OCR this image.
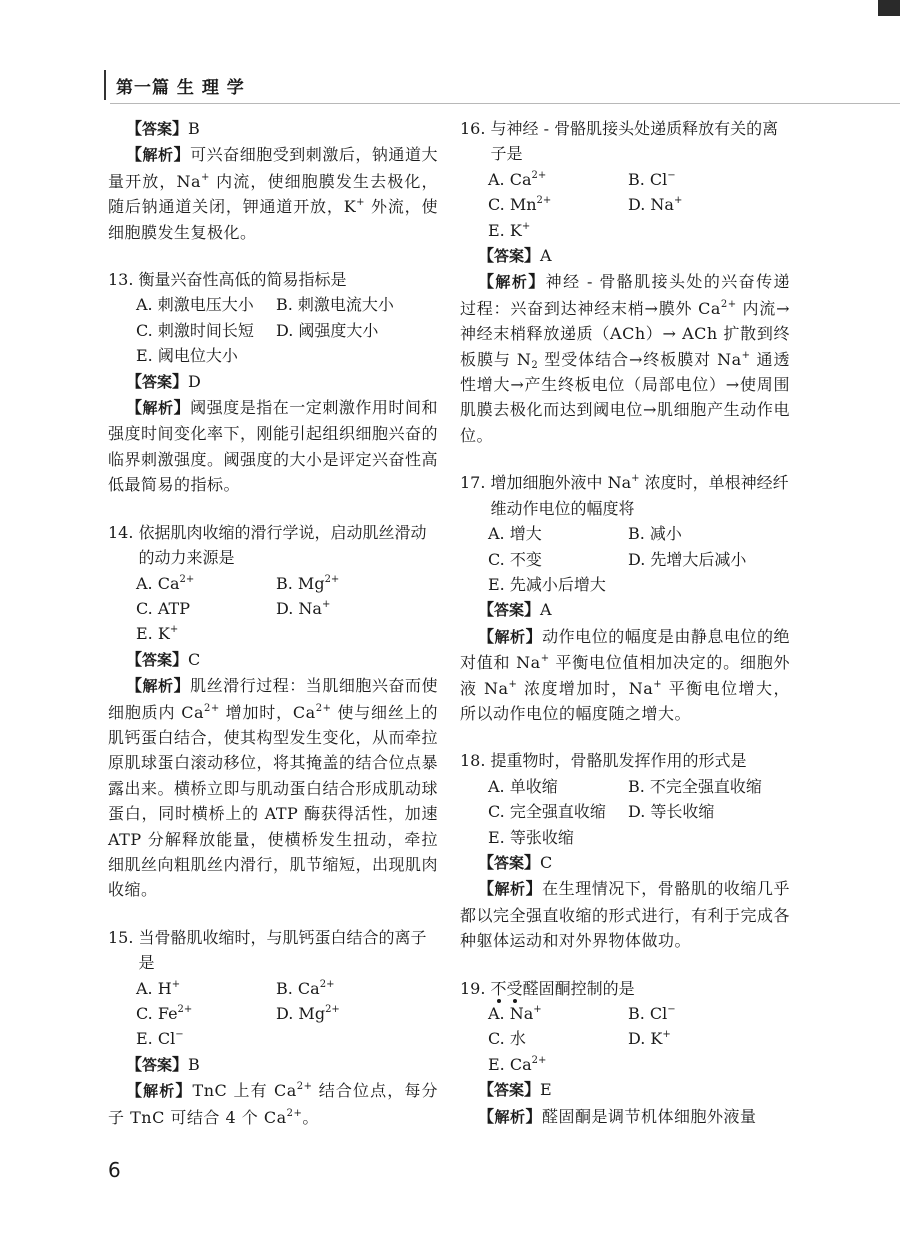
第一篇 生 理 学

【答案】B

【解析】可兴奋细胞受到刺激后，钠通道大量开放，Na+ 内流，使细胞膜发生去极化，随后钠通道关闭，钾通道开放，K+ 外流，使细胞膜发生复极化。

13. 衡量兴奋性高低的简易指标是
A. 刺激电压大小	B. 刺激电流大小
C. 刺激时间长短	D. 阈强度大小
E. 阈电位大小

【答案】D

【解析】阈强度是指在一定刺激作用时间和强度时间变化率下，刚能引起组织细胞兴奋的临界刺激强度。阈强度的大小是评定兴奋性高低最简易的指标。

14. 依据肌肉收缩的滑行学说，启动肌丝滑动的动力来源是
A. $Ca^{2+}$	B. $Mg^{2+}$
C. ATP	D. Na+
E. K+

【答案】C

【解析】肌丝滑行过程：当肌细胞兴奋而使细胞质内 $Ca^{2+}$ 增加时，$Ca^{2+}$ 使与细丝上的肌钙蛋白结合，使其构型发生变化，从而牵拉原肌球蛋白滚动移位，将其掩盖的结合位点暴露出来。横桥立即与肌动蛋白结合形成肌动球蛋白，同时横桥上的 ATP 酶获得活性，加速 ATP 分解释放能量，使横桥发生扭动，牵拉细肌丝向粗肌丝内滑行，肌节缩短，出现肌肉收缩。

15. 当骨骼肌收缩时，与肌钙蛋白结合的离子是
A. H+	B. $Ca^{2+}$
C. $Fe^{2+}$	D. $Mg^{2+}$
E. Cl−

【答案】B

【解析】TnC 上有 $Ca^{2+}$ 结合位点，每分子 TnC 可结合 4 个 $Ca^{2+}$。

16. 与神经 - 骨骼肌接头处递质释放有关的离子是
A. $Ca^{2+}$	B. Cl−
C. $Mn^{2+}$	D. Na+
E. K+

【答案】A

【解析】神经 - 骨骼肌接头处的兴奋传递过程：兴奋到达神经末梢→膜外 $Ca^{2+}$ 内流→神经末梢释放递质（ACh）→ ACh 扩散到终板膜与 $N_2$ 型受体结合→终板膜对 Na+ 通透性增大→产生终板电位（局部电位）→使周围肌膜去极化而达到阈电位→肌细胞产生动作电位。

17. 增加细胞外液中 Na+ 浓度时，单根神经纤维动作电位的幅度将
A. 增大	B. 减小
C. 不变	D. 先增大后减小
E. 先减小后增大

【答案】A

【解析】动作电位的幅度是由静息电位的绝对值和 Na+ 平衡电位值相加决定的。细胞外液 Na+ 浓度增加时，Na+ 平衡电位增大，所以动作电位的幅度随之增大。

18. 提重物时，骨骼肌发挥作用的形式是
A. 单收缩	B. 不完全强直收缩
C. 完全强直收缩	D. 等长收缩
E. 等张收缩

【答案】C

【解析】在生理情况下，骨骼肌的收缩几乎都以完全强直收缩的形式进行，有利于完成各种躯体运动和对外界物体做功。

19. 不受醛固酮控制的是
A. Na+	B. Cl−
C. 水	D. K+
E. $Ca^{2+}$

【答案】E

【解析】醛固酮是调节机体细胞外液量

6
